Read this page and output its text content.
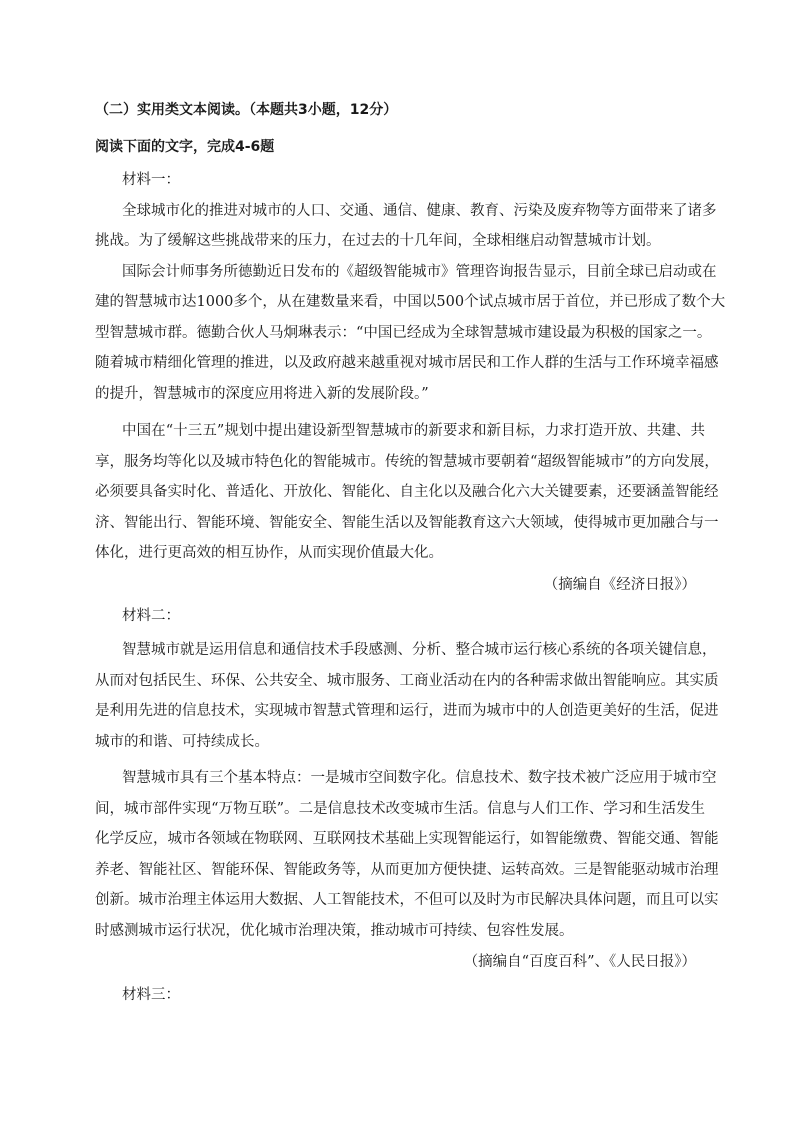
（二）实用类文本阅读。（本题共3小题，12分）
阅读下面的文字，完成4-6题
材料一：
全球城市化的推进对城市的人口、交通、通信、健康、教育、污染及废弃物等方面带来了诸多
挑战。为了缓解这些挑战带来的压力，在过去的十几年间，全球相继启动智慧城市计划。
国际会计师事务所德勤近日发布的《超级智能城市》管理咨询报告显示，目前全球已启动或在
建的智慧城市达1000多个，从在建数量来看，中国以500个试点城市居于首位，并已形成了数个大
型智慧城市群。德勤合伙人马炯琳表示：“中国已经成为全球智慧城市建设最为积极的国家之一。
随着城市精细化管理的推进，以及政府越来越重视对城市居民和工作人群的生活与工作环境幸福感
的提升，智慧城市的深度应用将进入新的发展阶段。”
中国在“十三五”规划中提出建设新型智慧城市的新要求和新目标，力求打造开放、共建、共
享，服务均等化以及城市特色化的智能城市。传统的智慧城市要朝着“超级智能城市”的方向发展，
必须要具备实时化、普适化、开放化、智能化、自主化以及融合化六大关键要素，还要涵盖智能经
济、智能出行、智能环境、智能安全、智能生活以及智能教育这六大领域，使得城市更加融合与一
体化，进行更高效的相互协作，从而实现价值最大化。
（摘编自《经济日报》）
材料二：
智慧城市就是运用信息和通信技术手段感测、分析、整合城市运行核心系统的各项关键信息，
从而对包括民生、环保、公共安全、城市服务、工商业活动在内的各种需求做出智能响应。其实质
是利用先进的信息技术，实现城市智慧式管理和运行，进而为城市中的人创造更美好的生活，促进
城市的和谐、可持续成长。
智慧城市具有三个基本特点：一是城市空间数字化。信息技术、数字技术被广泛应用于城市空
间，城市部件实现“万物互联”。二是信息技术改变城市生活。信息与人们工作、学习和生活发生
化学反应，城市各领域在物联网、互联网技术基础上实现智能运行，如智能缴费、智能交通、智能
养老、智能社区、智能环保、智能政务等，从而更加方便快捷、运转高效。三是智能驱动城市治理
创新。城市治理主体运用大数据、人工智能技术，不但可以及时为市民解决具体问题，而且可以实
时感测城市运行状况，优化城市治理决策，推动城市可持续、包容性发展。
（摘编自“百度百科”、《人民日报》）
材料三：
